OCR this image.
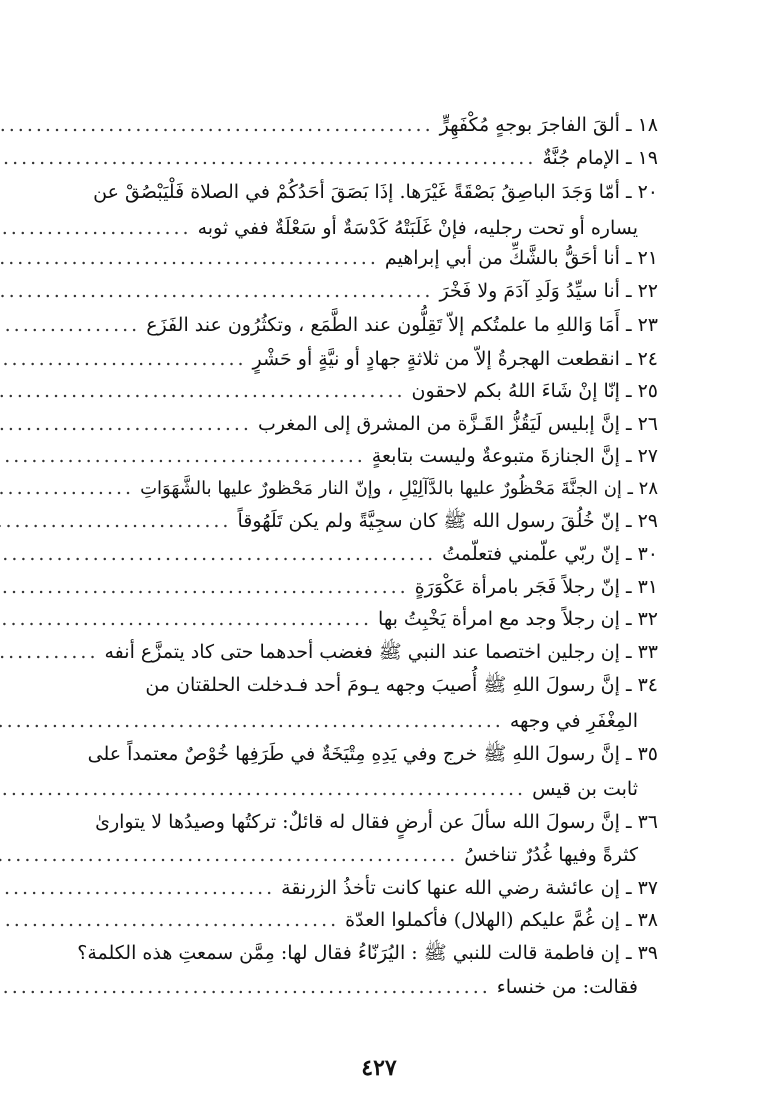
١٨ ـ ألقَ الفاجرَ بوجهٍ مُكْفَهِرٍّ
.....
١٩ ـ الإمام جُنَّةٌ
.....
٢٠ ـ أمّا وَجَدَ الباصِقُ بَصْقَةً غَيْرَها. إذَا بَصَقَ أحَدُكُمْ في الصلاة فَلْيَبْصُقْ عن
يساره أو تحت رجليه، فإنْ غَلَبَتْهُ كَدْسَةٌ أو سَعْلَةٌ ففي ثوبه
.....
٢١ ـ أنا أحَقُّ بالشَّكِّ من أبي إبراهيم
.....
٢٢ ـ أنا سيِّدُ وَلَدِ آدَمَ ولا فَخْرَ
.....
٢٣ ـ أَمَا وَاللهِ ما علمتُكم إلاّ تَقِلُّون عند الطَّمَع ، وتكثُرُون عند الفَزَع
.....
٢٤ ـ انقطعت الهجرةُ إلاّ من ثلاثةٍ جهادٍ أو نيَّةٍ أو حَشْرٍ
.....
٢٥ ـ إنّا إنْ شَاءَ اللهُ بكم لاحقون
.....
٢٦ ـ إنَّ إبليس لَيَقُزُّ القَـزَّة من المشرق إلى المغرب
.....
٢٧ ـ إنَّ الجنازةَ متبوعةٌ وليست بتابعةٍ
.....
٢٨ ـ إن الجنَّةَ مَحْظُورٌ عليها بالدَّآلِيْلِ ، وإنّ النار مَحْظورٌ عليها بالشَّهَوَاتِ
.....
٢٩ ـ إنّ خُلُقَ رسول الله ﷺ كان سجِيَّةً ولم يكن تَلَهُوقاً
.....
٣٠ ـ إنّ ربّي علّمني فتعلّمتُ
.....
٣١ ـ إنّ رجلاً فَجَر بامرأة عَكْوَرَةٍ
.....
٣٢ ـ إن رجلاً وجد مع امرأة يَخْبِتُ بها
.....
٣٣ ـ إن رجلين اختصما عند النبي ﷺ فغضب أحدهما حتى كاد يتمزَّع أنفه
.....
٣٤ ـ إنَّ رسولَ اللهِ ﷺ أُصيبَ وجهه يـومَ أحد فـدخلت الحلقتان من
المِغْفَرِ في وجهه
.....
٣٥ ـ إنَّ رسولَ اللهِ ﷺ خرج وفي يَدِهِ مِتْيَخَةٌ في طَرَفِها خُوْصٌ معتمداً على
ثابت بن قيس
.....
٣٦ ـ إنَّ رسولَ الله سألَ عن أرضٍ فقال له قائلٌ: تركتُها وصيدُها لا يتوارىٰ
كثرةً وفيها غُدُرٌ تناخسُ
.....
٣٧ ـ إن عائشة رضي الله عنها كانت تأخذُ الزرنقة
.....
٣٨ ـ إن غُمَّ عليكم (الهلال) فأكملوا العدّة
.....
٣٩ ـ إن فاطمة قالت للنبي ﷺ : اليُرَنّاءُ فقال لها: مِمَّن سمعتِ هذه الكلمة؟
فقالت: من خنساء
.....
٤٢٧
